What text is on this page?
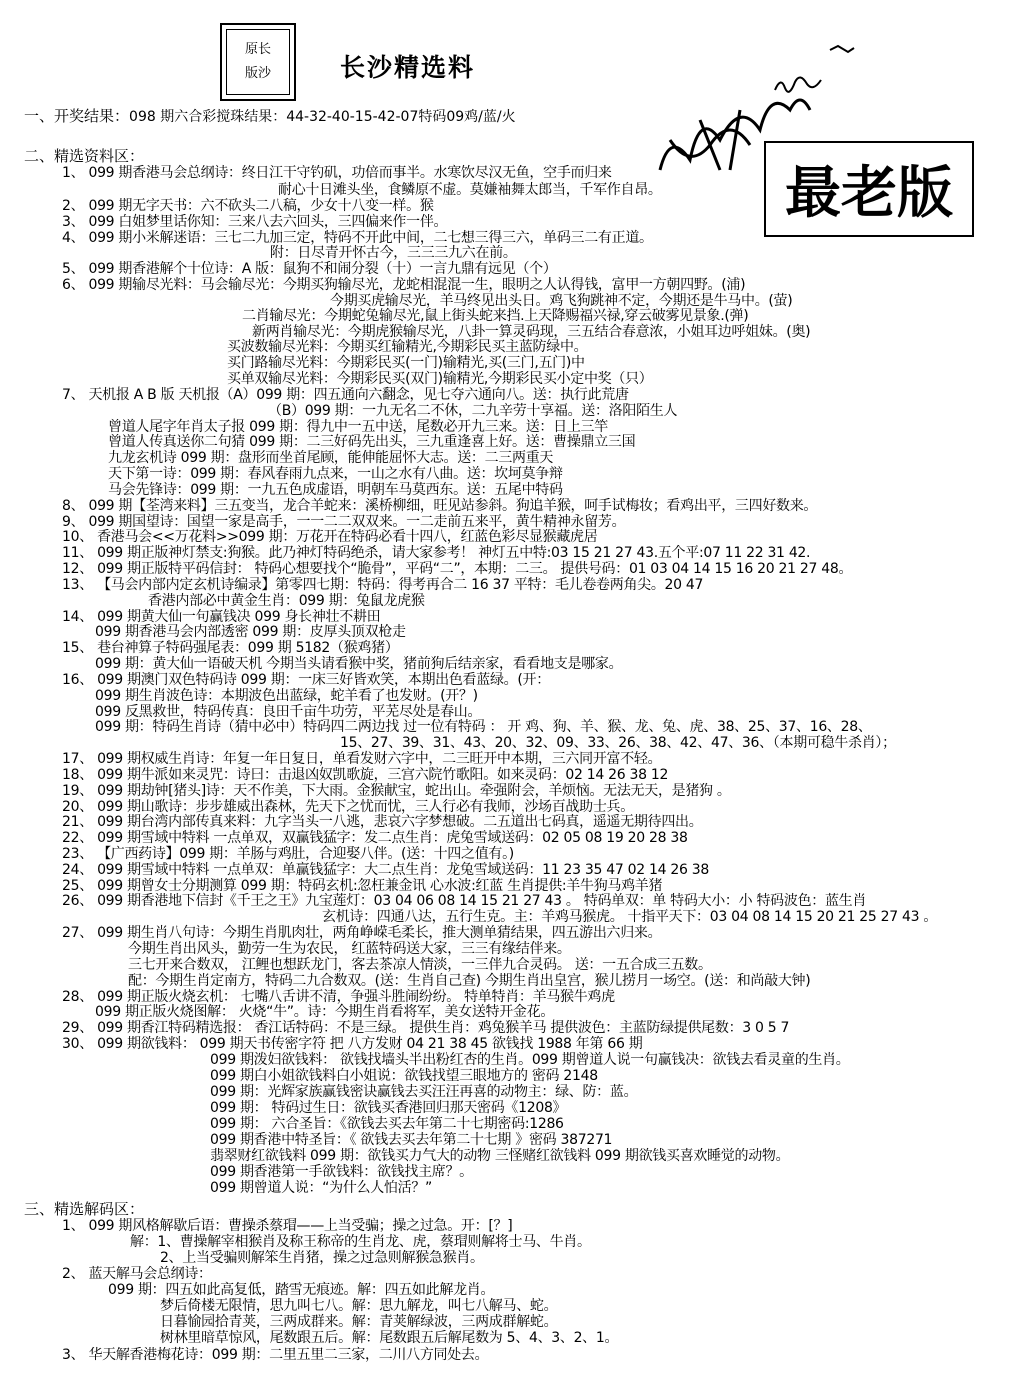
原长
版沙	长沙精选料
最老版
一、开奖结果：098 期六合彩搅珠结果：44-32-40-15-42-07特码09鸡/蓝/火
二、精选资料区：
三、精选解码区：
1、 099 期香港马会总纲诗：终日江干守钓矶，功倍而事半。水寒饮尽汉无鱼，空手而归来
耐心十日滩头坐，食鳞原不虚。莫嫌袖舞太郎当，千军作自昂。
2、 099 期无字天书：六不砍头二八稿，少女十八变一样。猴
3、 099 白姐梦里话你知：三来八去六回头，三四偏来作一伴。
4、 099 期小米解迷语：三七二九加三定，特码不开此中间，二七想三得三六，单码三二有正道。
附：日尽青开怀古今，三三三九六在前。
5、 099 期香港解个十位诗：A 版：鼠狗不和闹分裂（十）一言九鼎有远见（个）
6、 099 期输尽光料：马会输尽光：今期买狗输尽光，龙蛇相混混一生，眼明之人认得钱，富甲一方朝四野。(浦)
今期买虎输尽光，羊马终见出头日。鸡飞狗跳神不定，今期还是牛马中。(萤)
二肖输尽光：今期蛇兔输尽光,鼠上街头蛇来挡.上天降赐福兴禄,穿云破雾见景象.(弹)
新两肖输尽光：今期虎猴输尽光，八卦一算灵码现，三五结合春意浓，小姐耳边呼姐妹。(奥)
买波数输尽光料：今期买红输精光,今期彩民买主蓝防绿中。
买门路输尽光料：今期彩民买(一门)输精光,买(三门,五门)中
买单双输尽光料：今期彩民买(双门)输精光,今期彩民买小定中奖（只）
7、 天机报 A B 版 天机报（A）099 期：四五通向六翻念，见七夺六通向八。送：执行此荒唐
（B）099 期：一九无名二不休，二九辛劳十享福。送：洛阳陌生人
曾道人尾字年肖太子报 099 期：得九中一五中送，尾数必开九三来。送：日上三竿
曾道人传真送你二句猜 099 期：二三好码先出头，三九重逢喜上好。送：曹操鼎立三国
九龙玄机诗 099 期：盘形而坐首尾顾，能伸能屈怀大志。送：二三两重天
天下第一诗：099 期：春风春雨九点来，一山之水有八曲。送：坎坷莫争辩
马会先锋诗：099 期：一九五色成虚语，明朝车马莫西东。送：五尾中特码
8、 099 期【荃湾来料】三五变当，龙合羊蛇来：溪桥柳细，旺见站参斜。狗追羊猴，呵手试梅妆；看鸡出平，三四好数来。
9、 099 期国望诗：国望一家是高手，一一二二双双来。一二走前五来平，黄牛精神永留芳。
10、 香港马会<<万花料>>099 期：万花开在特码必看十四八，红蓝色彩尽显猴藏虎居
11、 099 期正版神灯禁支:狗猴。此乃神灯特码绝杀，请大家参考！ 神灯五中特:03 15 21 27 43.五个平:07 11 22 31 42.
12、 099 期正版特平码信封： 特码心想要找个“脆骨”，平码“二”，本期：二三。 提供号码：01 03 04 14 15 16 20 21 27 48。
13、 【马会内部内定玄机诗编录】第零四七期：特码：得考再合二 16 37 平特：毛儿卷卷两角尖。20 47
香港内部必中黄金生肖：099 期：兔鼠龙虎猴
14、 099 期黄大仙一句赢钱决 099 身长神壮不耕田
099 期香港马会内部透密 099 期：皮厚头顶双枪走
15、 巷台神算子特码强尾表：099 期 5182（猴鸡猪）
099 期：黄大仙一语破天机 今期当头请看猴中奖，猪前狗后结亲家，看看地支是哪家。
16、 099 期澳门双色特码诗 099 期：一床三好皆欢笑，本期出色看蓝绿。(开：
099 期生肖波色诗：本期波色出蓝绿，蛇羊看了也发财。(开？)
099 反黑救世，特码传真：良田千亩牛功劳，平芜尽处是春山。
099 期：特码生肖诗（猜中必中）特码四二两边找 过一位有特码 ： 开 鸡、狗、羊、猴、龙、兔、虎、38、25、37、16、28、
15、27、39、31、43、20、32、09、33、26、38、42、47、36、（本期可稳牛杀肖）；
17、 099 期权威生肖诗：年复一年日复日，单看发财六字中，二三旺开中本期，三六同开富不轻。
18、 099 期牛派如来灵咒：诗曰：击退凶奴凯歌旋，三宫六院竹歌阳。如来灵码：02 14 26 38 12
19、 099 期劫钟[猪头]诗：天不作美，下大雨。金猴献宝，蛇出山。牵强附会，羊烦恼。无法无天，是猪狗 。
20、 099 期山歌诗：步步雄威出森林，先天下之忧而忧，三人行必有我师，沙场百战助士兵。
21、 099 期台湾内部传真来料：九字当头一八逃，悲哀六字梦想破。二五道出七码真，遥遥无期待四出。
22、 099 期雪域中特料 一点单双，双赢钱猛字：发二点生肖：虎兔雪域送码：02 05 08 19 20 28 38
23、 【广西药诗】099 期：羊肠与鸡肚，合迎娶八伴。(送：十四之值有。)
24、 099 期雪域中特料 一点单双：单赢钱猛字：大二点生肖：龙兔雪域送码：11 23 35 47 02 14 26 38
25、 099 期曾女士分期测算 099 期：特码玄机:忽枉兼金讯 心水波:红蓝 生肖提供:羊牛狗马鸡羊猪
26、 099 期香港地下信封《千王之王》九宝莲灯：03 04 06 08 14 15 21 27 43 。 特码单双：单 特码大小：小 特码波色：蓝生肖
玄机诗：四通八达，五行生克。主：羊鸡马猴虎。 十指平天下：03 04 08 14 15 20 21 25 27 43 。
27、 099 期生肖八句诗：今期生肖肌肉壮，两角峥嵘毛柔长，推大测单猜结果，四五游出六归来。
今期生肖出风头，勤劳一生为农民， 红蓝特码送大家，三三有缘结伴来。
三七开来合数双， 江鲤也想跃龙门，客去茶凉人情淡，一三伴九合灵码。 送：一五合成三五数。
配：今期生肖定南方，特码二九合数双。(送：生肖自己查) 今期生肖出皇宫，猴儿捞月一场空。(送：和尚敲大钟)
28、 099 期正版火烧玄机： 七嘴八舌讲不清，争强斗胜闹纷纷。 特单特肖：羊马猴牛鸡虎
099 期正版火烧图解： 火烧“牛”。诗：今期生肖看将军，美女送特开金花。
29、 099 期香江特码精选报： 香江话特码：不是三绿。 提供生肖：鸡兔猴羊马 提供波色：主蓝防绿提供尾数：3 0 5 7
30、 099 期欲钱料： 099 期天书传密字符 把 八方发财 04 21 38 45 欲钱找 1988 年第 66 期
099 期泼妇欲钱料： 欲钱找墙头半出粉红杏的生肖。099 期曾道人说一句赢钱决：欲钱去看灵童的生肖。
099 期白小姐欲钱料白小姐说：欲钱找望三眼地方的 密码 2148
099 期：光辉家族赢钱密诀赢钱去买汪汪再喜的动物主：绿、防：蓝。
099 期： 特码过生日：欲钱买香港回归那天密码《1208》
099 期： 六合圣旨：《欲钱去买去年第二十七期密码:1286
099 期香港中特圣旨：《 欲钱去买去年第二十七期 》密码 387271
翡翠财红欲钱料 099 期：欲钱买力气大的动物 三怪赌红欲钱料 099 期欲钱买喜欢睡觉的动物。
099 期香港第一手欲钱料：欲钱找主席？。
099 期曾道人说：“为什么人怕活？”
1、 099 期风格解歇后语：曹操杀蔡瑁——上当受骗；操之过急。开：[？]
解：1、曹操解宰相猴肖及称王称帝的生肖龙、虎，蔡瑁则解将士马、牛肖。
2、上当受骗则解笨生肖猪，操之过急则解猴急猴肖。
2、 蓝天解马会总纲诗：
099 期：四五如此高复低，踏雪无痕迹。解：四五如此解龙肖。
梦后倚楼无限情，思九叫七八。解：思九解龙，叫七八解马、蛇。
日暮愉园拾青荚，三两成群来。解：青荚解绿波，三两成群解蛇。
树林里暗草惊风，尾数跟五后。解：尾数跟五后解尾数为 5、4、3、2、1。
3、 华天解香港梅花诗：099 期：二里五里二三家，二川八方同处去。
